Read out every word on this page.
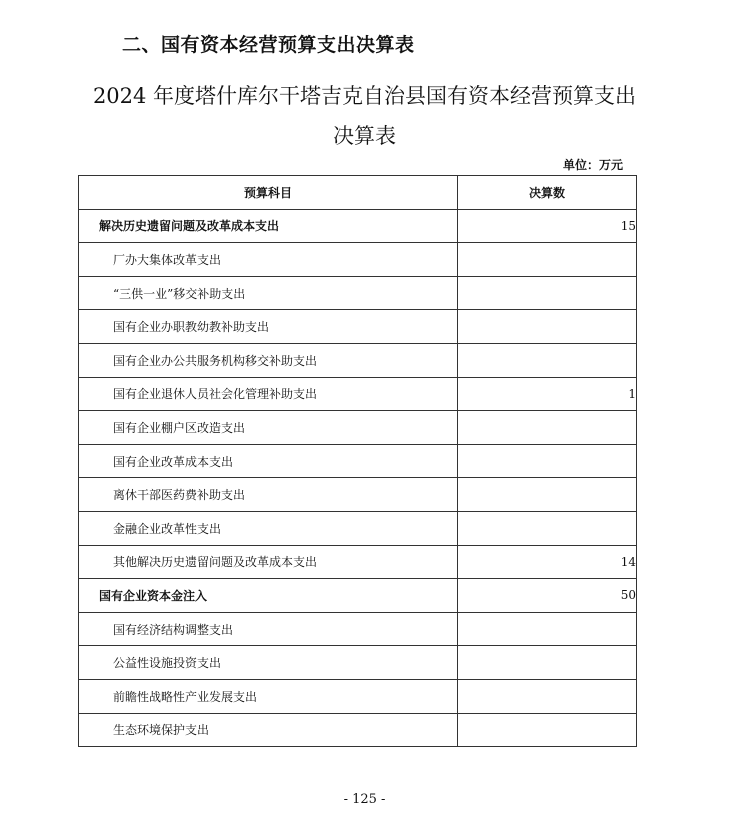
二、国有资本经营预算支出决算表
2024 年度塔什库尔干塔吉克自治县国有资本经营预算支出
决算表
单位：万元
预算科目	决算数
解决历史遗留问题及改革成本支出	15
厂办大集体改革支出	
“三供一业”移交补助支出	
国有企业办职教幼教补助支出	
国有企业办公共服务机构移交补助支出	
国有企业退休人员社会化管理补助支出	1
国有企业棚户区改造支出	
国有企业改革成本支出	
离休干部医药费补助支出	
金融企业改革性支出	
其他解决历史遗留问题及改革成本支出	14
国有企业资本金注入	50
国有经济结构调整支出	
公益性设施投资支出	
前瞻性战略性产业发展支出	
生态环境保护支出	
- 125 -
